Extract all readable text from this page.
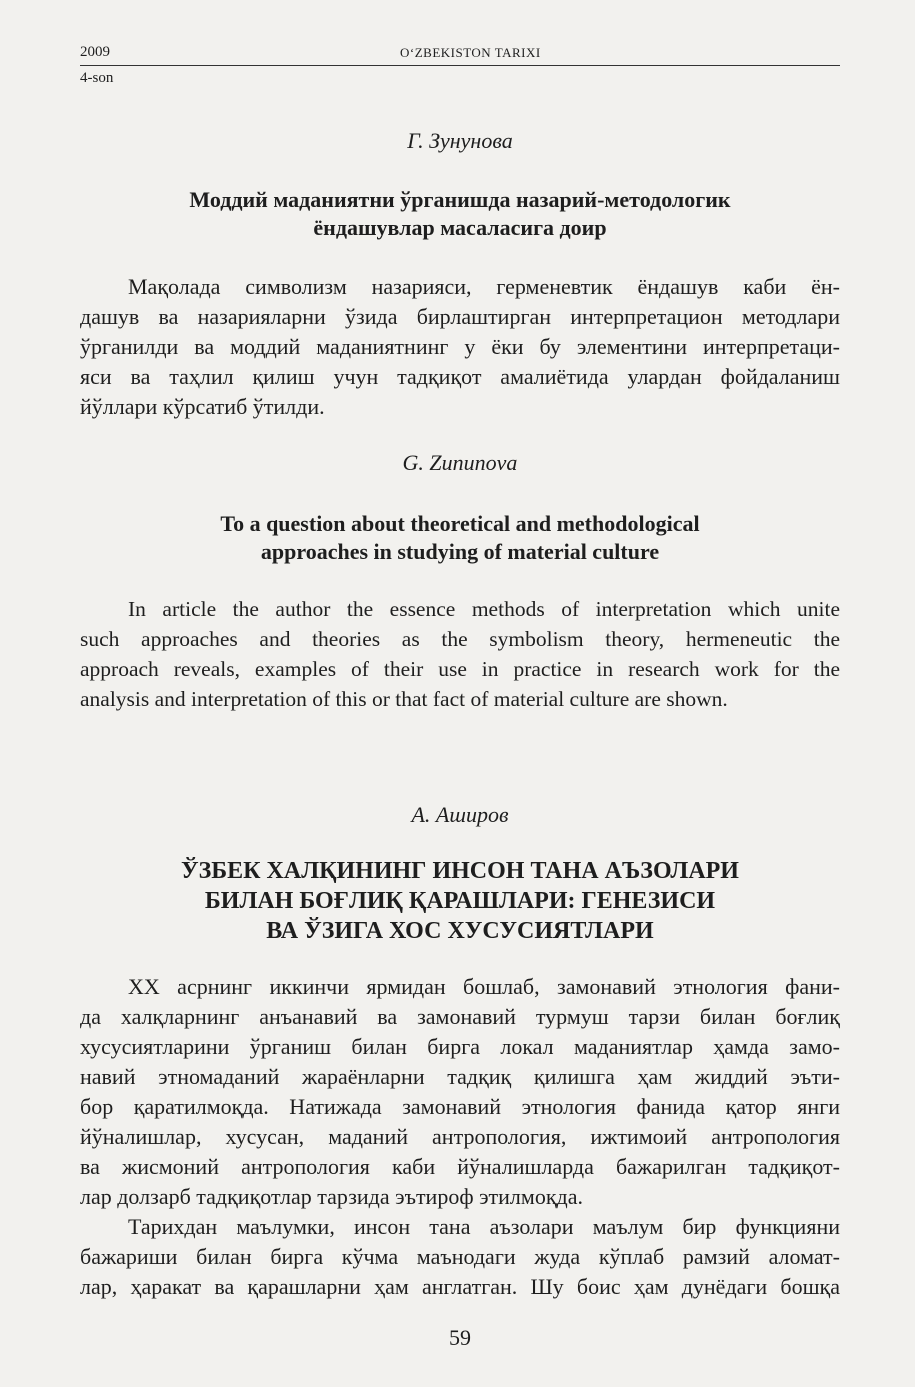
2009	O‘ZBEKISTON TARIXI
4-son
Г. Зунунова
Моддий маданиятни ўрганишда назарий-методологик
ёндашувлар масаласига доир
Мақолада символизм назарияси, герменевтик ёндашув каби ён-
дашув ва назарияларни ўзида бирлаштирган интерпретацион методлари
ўрганилди ва моддий маданиятнинг у ёки бу элементини интерпретаци-
яси ва таҳлил қилиш учун тадқиқот амалиётида улардан фойдаланиш
йўллари кўрсатиб ўтилди.
G. Zununova
To a question about theoretical and methodological
approaches in studying of material culture
In article the author the essence methods of interpretation which unite
such approaches and theories as the symbolism theory, hermeneutic the
approach reveals, examples of their use in practice in research work for the
analysis and interpretation of this or that fact of material culture are shown.
А. Аширов
ЎЗБЕК ХАЛҚИНИНГ ИНСОН ТАНА АЪЗОЛАРИ
БИЛАН БОҒЛИҚ ҚАРАШЛАРИ: ГЕНЕЗИСИ
ВА ЎЗИГА ХОС ХУСУСИЯТЛАРИ
XX асрнинг иккинчи ярмидан бошлаб, замонавий этнология фани-
да халқларнинг анъанавий ва замонавий турмуш тарзи билан боғлиқ
хусусиятларини ўрганиш билан бирга локал маданиятлар ҳамда замо-
навий этномаданий жараёнларни тадқиқ қилишга ҳам жиддий эъти-
бор қаратилмоқда. Натижада замонавий этнология фанида қатор янги
йўналишлар, хусусан, маданий антропология, ижтимоий антропология
ва жисмоний антропология каби йўналишларда бажарилган тадқиқот-
лар долзарб тадқиқотлар тарзида эътироф этилмоқда.
Тарихдан маълумки, инсон тана аъзолари маълум бир функцияни
бажариши билан бирга кўчма маънодаги жуда кўплаб рамзий аломат-
лар, ҳаракат ва қарашларни ҳам англатган. Шу боис ҳам дунёдаги бошқа
59
